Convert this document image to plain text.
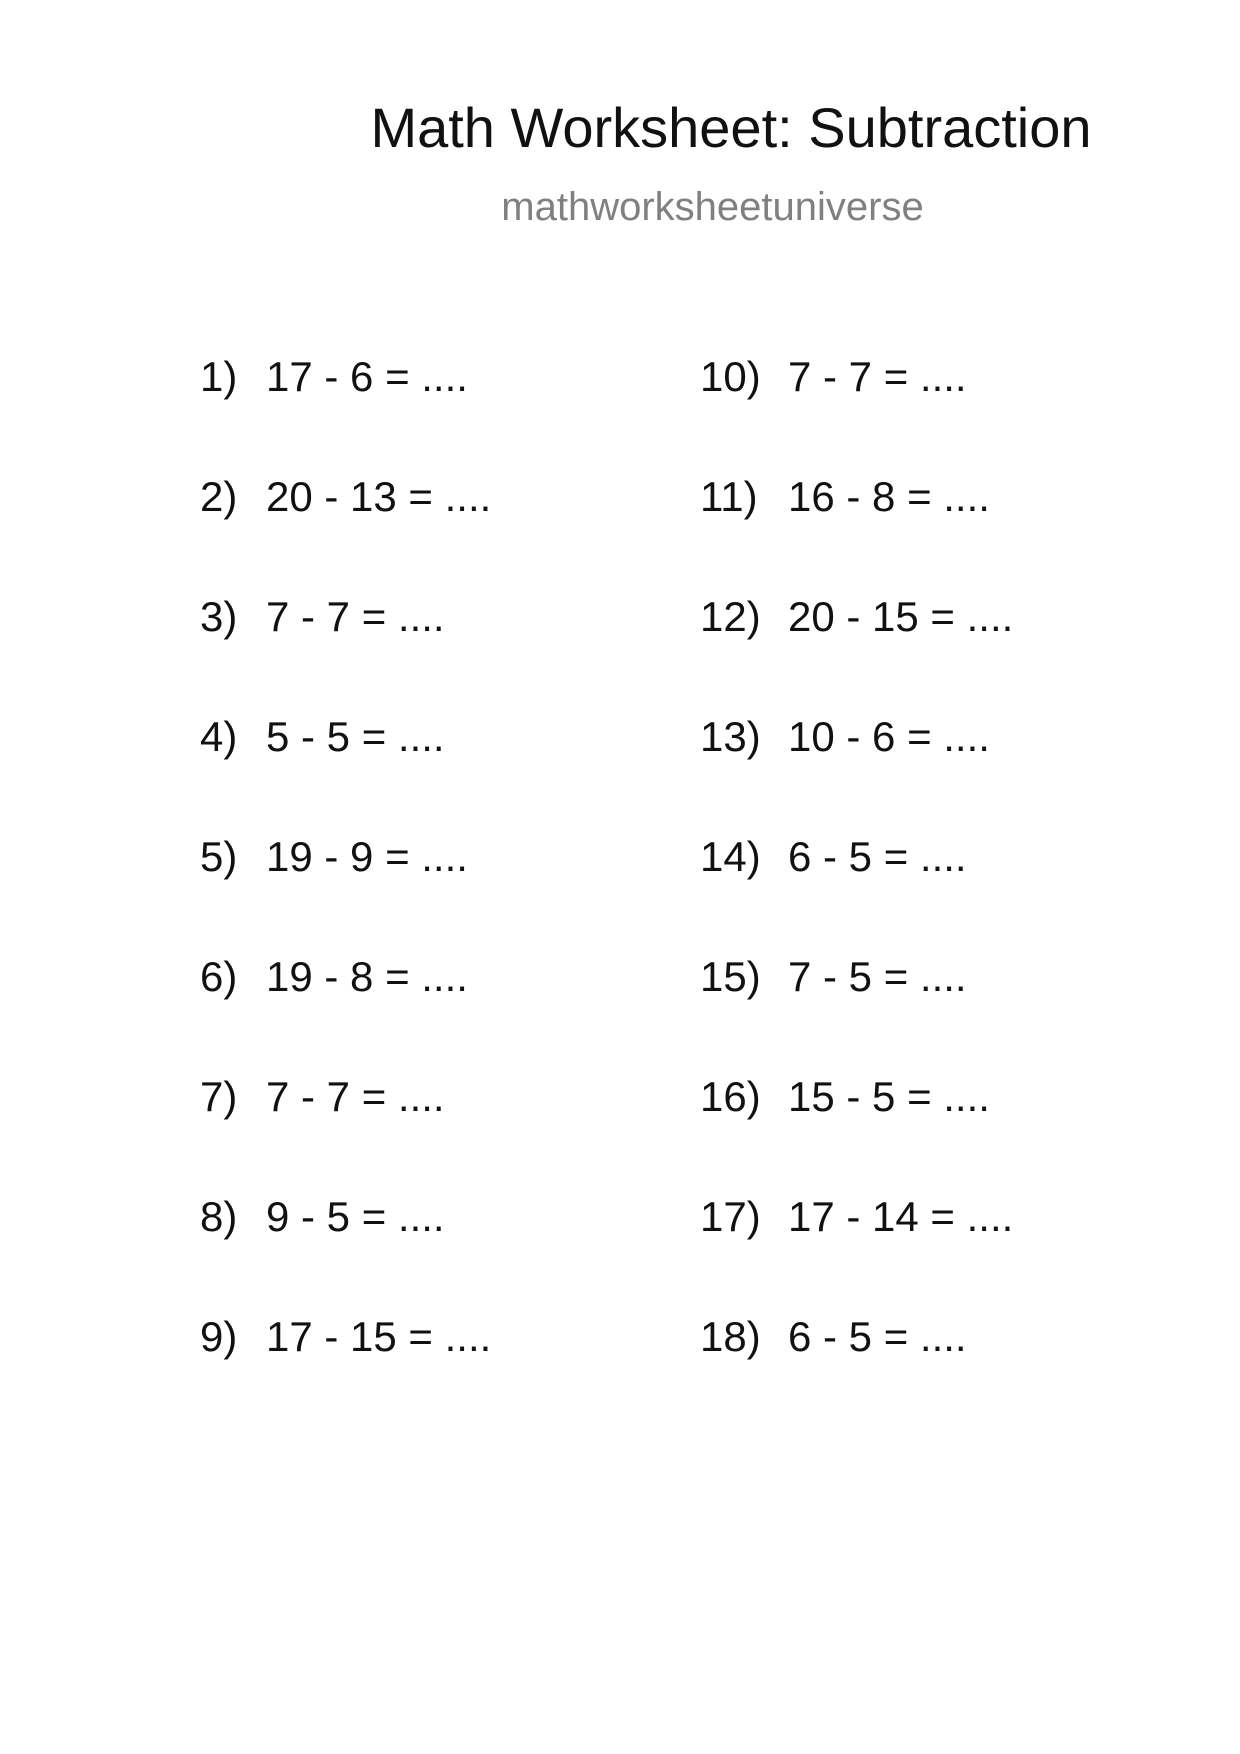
Math Worksheet: Subtraction
mathworksheetuniverse
1) 17 - 6 = ....
2) 20 - 13 = ....
3) 7 - 7 = ....
4) 5 - 5 = ....
5) 19 - 9 = ....
6) 19 - 8 = ....
7) 7 - 7 = ....
8) 9 - 5 = ....
9) 17 - 15 = ....
10) 7 - 7 = ....
11) 16 - 8 = ....
12) 20 - 15 = ....
13) 10 - 6 = ....
14) 6 - 5 = ....
15) 7 - 5 = ....
16) 15 - 5 = ....
17) 17 - 14 = ....
18) 6 - 5 = ....
